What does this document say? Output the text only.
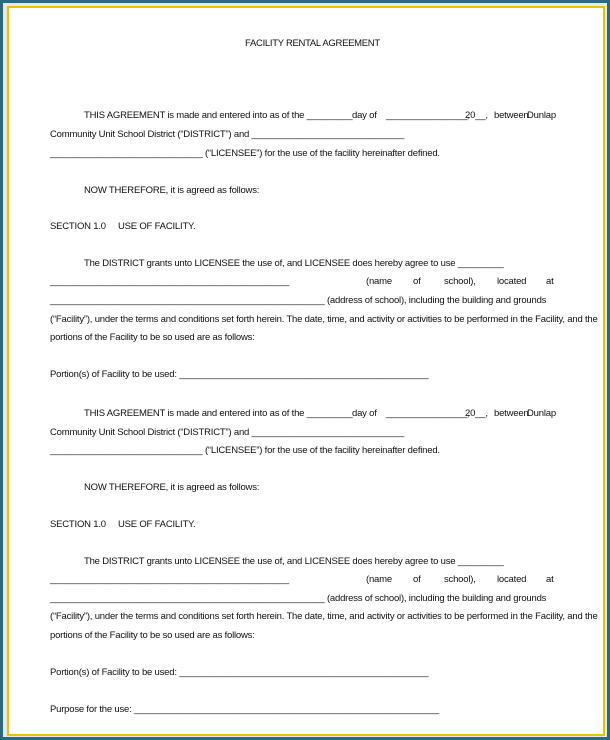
FACILITY RENTAL AGREEMENT
THIS AGREEMENT is made and entered into as of the _________ day of ________________,
20__, between
Dunlap
Community Unit School District (“DISTRICT”) and ______________________________
______________________________ (“LICENSEE”) for the use of the facility hereinafter defined.
NOW THEREFORE, it is agreed as follows:
SECTION 1.0 USE OF FACILITY.
The DISTRICT grants unto LICENSEE the use of, and LICENSEE does hereby agree to use _________
_______________________________________________	(name of school), located at
______________________________________________________ (address of school), including the building and grounds
(“Facility”), under the terms and conditions set forth herein. The date, time, and activity or activities to be performed in the Facility, and the
portions of the Facility to be so used are as follows:
Portion(s) of Facility to be used: _________________________________________________
THIS AGREEMENT is made and entered into as of the _________ day of ________________,
20__, between
Dunlap
Community Unit School District (“DISTRICT”) and ______________________________
______________________________ (“LICENSEE”) for the use of the facility hereinafter defined.
NOW THEREFORE, it is agreed as follows:
SECTION 1.0 USE OF FACILITY.
The DISTRICT grants unto LICENSEE the use of, and LICENSEE does hereby agree to use _________
_______________________________________________	(name of school), located at
______________________________________________________ (address of school), including the building and grounds
(“Facility”), under the terms and conditions set forth herein. The date, time, and activity or activities to be performed in the Facility, and the
portions of the Facility to be so used are as follows:
Portion(s) of Facility to be used: _________________________________________________
Purpose for the use: ____________________________________________________________
